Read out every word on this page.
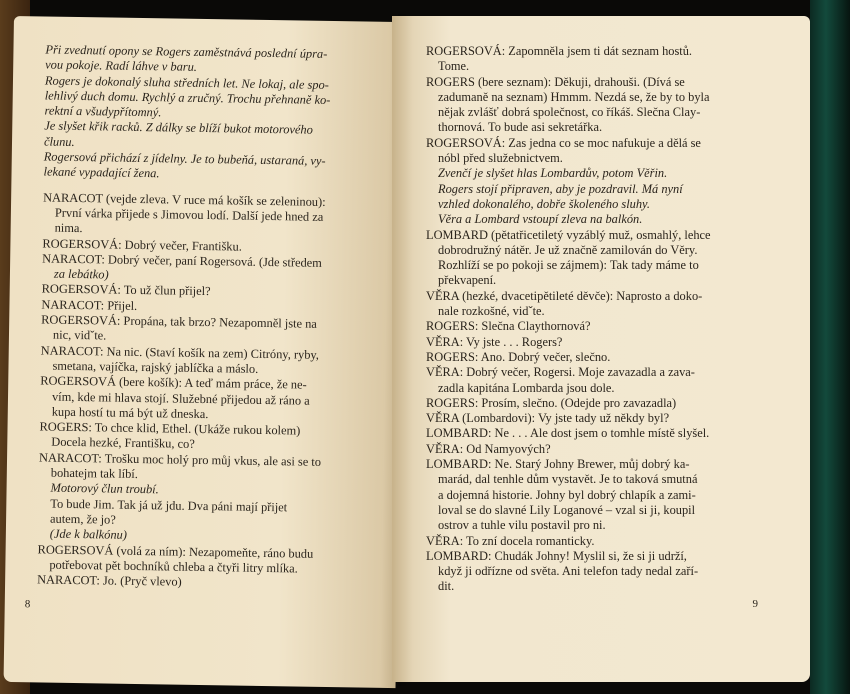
Při zvednutí opony se Rogers zaměstnává poslední úpra-
vou pokoje. Radí láhve v baru.
Rogers je dokonalý sluha středních let. Ne lokaj, ale spo-
lehlivý duch domu. Rychlý a zručný. Trochu přehnaně ko-
rektní a všudypřítomný.
Je slyšet křik racků. Z dálky se blíží bukot motorového
člunu.
Rogersová přichází z jídelny. Je to bubeňá, ustaraná, vy-
lekané vypadající žena.
NARACOT (vejde zleva. V ruce má košík se zeleninou):
První várka přijede s Jimovou lodí. Další jede hned za
nima.
ROGERSOVÁ: Dobrý večer, Františku.
NARACOT: Dobrý večer, paní Rogersová. (Jde středem
za lebátko)
ROGERSOVÁ: To už člun přijel?
NARACOT: Přijel.
ROGERSOVÁ: Propána, tak brzo? Nezapomněl jste na
nic, vidˇte.
NARACOT: Na nic. (Staví košík na zem) Citróny, ryby,
smetana, vajíčka, rajský jablíčka a máslo.
ROGERSOVÁ (bere košík): A teď mám práce, že ne-
vím, kde mi hlava stojí. Služebné přijedou až ráno a
kupa hostí tu má být už dneska.
ROGERS: To chce klid, Ethel. (Ukáže rukou kolem)
Docela hezké, Františku, co?
NARACOT: Trošku moc holý pro můj vkus, ale asi se to
bohatejm tak líbí.
Motorový člun troubí.
To bude Jim. Tak já už jdu. Dva páni mají přijet
autem, že jo?
(Jde k balkónu)
ROGERSOVÁ (volá za ním): Nezapomeňte, ráno budu
potřebovat pět bochníků chleba a čtyři litry mlíka.
NARACOT: Jo. (Pryč vlevo)
8
ROGERSOVÁ: Zapomněla jsem ti dát seznam hostů.
Tome.
ROGERS (bere seznam): Děkuji, drahouši. (Dívá se
zadumaně na seznam) Hmmm. Nezdá se, že by to byla
nějak zvlášť dobrá společnost, co říkáš. Slečna Clay-
thornová. To bude asi sekretářka.
ROGERSOVÁ: Zas jedna co se moc nafukuje a dělá se
nóbl před služebnictvem.
Zvenčí je slyšet hlas Lombardův, potom Věřin.
Rogers stojí připraven, aby je pozdravil. Má nyní
vzhled dokonalého, dobře školeného sluhy.
Věra a Lombard vstoupí zleva na balkón.
LOMBARD (pětatřicetiletý vyzáblý muž, osmahlý, lehce
dobrodružný nátěr. Je už značně zamilován do Věry.
Rozhlíží se po pokoji se zájmem): Tak tady máme to
překvapení.
VĚRA (hezké, dvacetipětileté děvče): Naprosto a doko-
nale rozkošné, vidˇte.
ROGERS: Slečna Claythornová?
VĚRA: Vy jste . . . Rogers?
ROGERS: Ano. Dobrý večer, slečno.
VĚRA: Dobrý večer, Rogersi. Moje zavazadla a zava-
zadla kapitána Lombarda jsou dole.
ROGERS: Prosím, slečno. (Odejde pro zavazadla)
VĚRA (Lombardovi): Vy jste tady už někdy byl?
LOMBARD: Ne . . . Ale dost jsem o tomhle místě slyšel.
VĚRA: Od Namyových?
LOMBARD: Ne. Starý Johny Brewer, můj dobrý ka-
marád, dal tenhle dům vystavět. Je to taková smutná
a dojemná historie. Johny byl dobrý chlapík a zami-
loval se do slavné Lily Loganové – vzal si ji, koupil
ostrov a tuhle vilu postavil pro ni.
VĚRA: To zní docela romanticky.
LOMBARD: Chudák Johny! Myslil si, že si ji udrží,
když ji odřízne od světa. Ani telefon tady nedal zaří-
dit.
9
